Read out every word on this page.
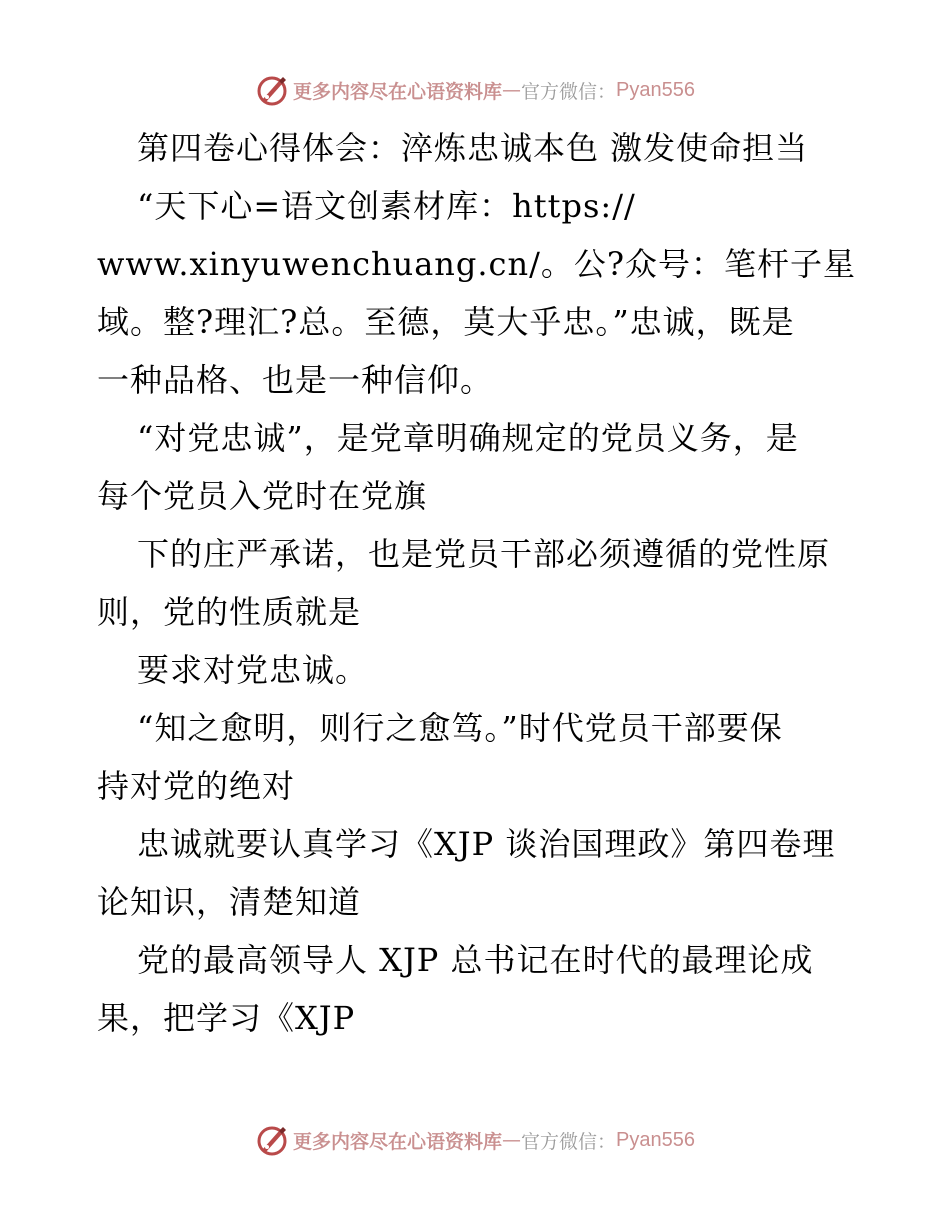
更多内容尽在心语资料库 — 官方微信： Pyan556
第四卷心得体会：淬炼忠诚本色 激发使命担当
“天下心=语文创素材库：https://
www.xinyuwenchuang.cn/。公?众号：笔杆子星
域。整?理汇?总。至德，莫大乎忠。”忠诚，既是
一种品格、也是一种信仰。
“对党忠诚”，是党章明确规定的党员义务，是
每个党员入党时在党旗
下的庄严承诺，也是党员干部必须遵循的党性原
则，党的性质就是
要求对党忠诚。
“知之愈明，则行之愈笃。”时代党员干部要保
持对党的绝对
忠诚就要认真学习《XJP 谈治国理政》第四卷理
论知识，清楚知道
党的最高领导人 XJP 总书记在时代的最理论成
果，把学习《XJP
更多内容尽在心语资料库 — 官方微信： Pyan556
